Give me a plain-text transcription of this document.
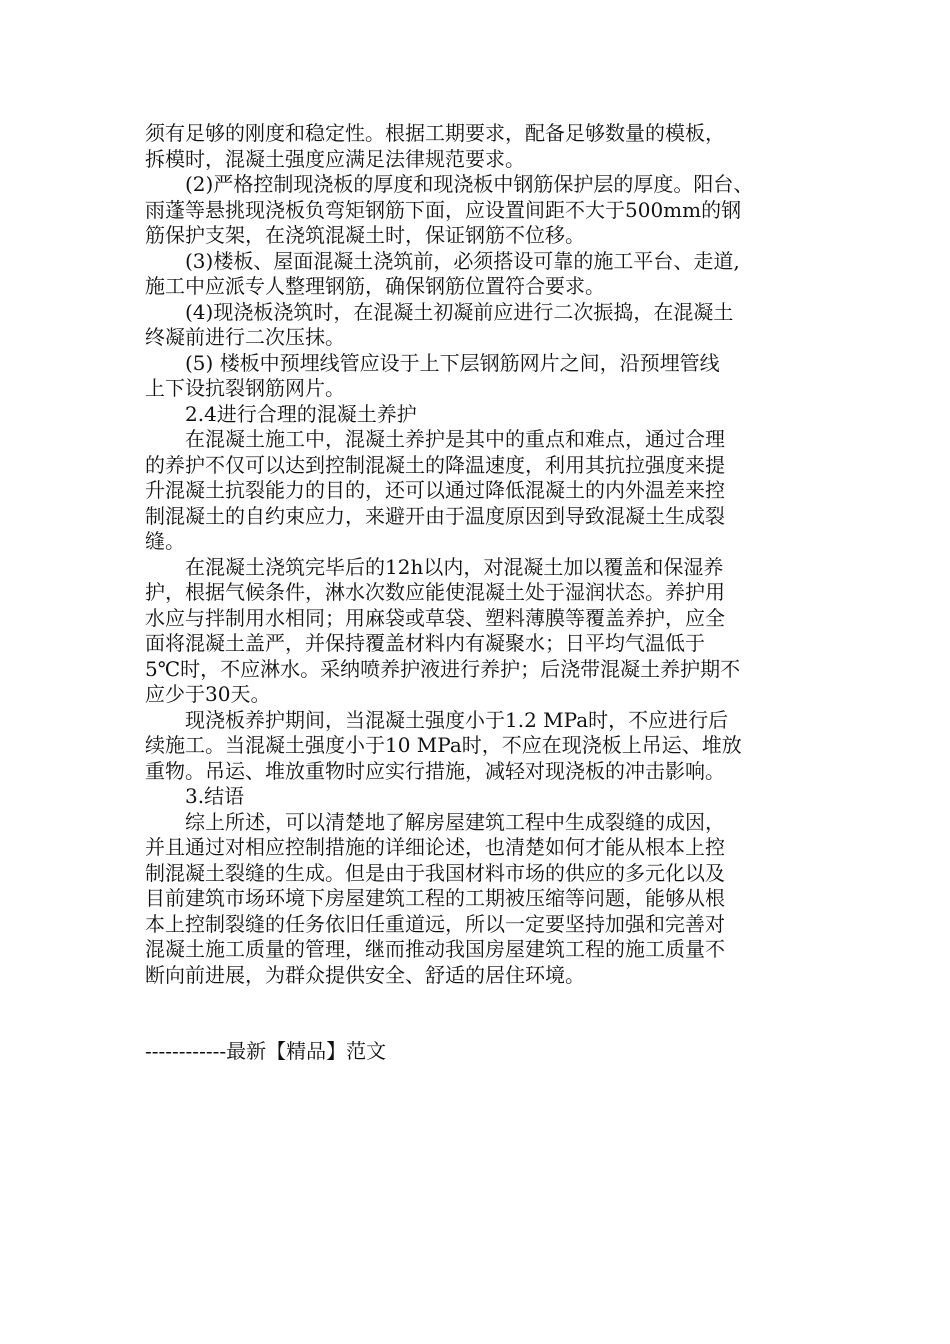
须有足够的刚度和稳定性。根据工期要求，配备足够数量的模板，
拆模时，混凝土强度应满足法律规范要求。
(2)严格控制现浇板的厚度和现浇板中钢筋保护层的厚度。阳台、
雨蓬等悬挑现浇板负弯矩钢筋下面，应设置间距不大于500mm的钢
筋保护支架，在浇筑混凝土时，保证钢筋不位移。
(3)楼板、屋面混凝土浇筑前，必须搭设可靠的施工平台、走道,
施工中应派专人整理钢筋，确保钢筋位置符合要求。
(4)现浇板浇筑时，在混凝土初凝前应进行二次振捣，在混凝土
终凝前进行二次压抹。
(5) 楼板中预埋线管应设于上下层钢筋网片之间，沿预埋管线
上下设抗裂钢筋网片。
2.4进行合理的混凝土养护
在混凝土施工中，混凝土养护是其中的重点和难点，通过合理
的养护不仅可以达到控制混凝土的降温速度，利用其抗拉强度来提
升混凝土抗裂能力的目的，还可以通过降低混凝土的内外温差来控
制混凝土的自约束应力，来避开由于温度原因到导致混凝土生成裂
缝。
在混凝土浇筑完毕后的12h以内，对混凝土加以覆盖和保湿养
护，根据气候条件，淋水次数应能使混凝土处于湿润状态。养护用
水应与拌制用水相同；用麻袋或草袋、塑料薄膜等覆盖养护，应全
面将混凝土盖严，并保持覆盖材料内有凝聚水；日平均气温低于
5℃时，不应淋水。采纳喷养护液进行养护；后浇带混凝土养护期不
应少于30天。
现浇板养护期间，当混凝土强度小于1.2 MPa时，不应进行后
续施工。当混凝土强度小于10 MPa时，不应在现浇板上吊运、堆放
重物。吊运、堆放重物时应实行措施，减轻对现浇板的冲击影响。
3.结语
综上所述，可以清楚地了解房屋建筑工程中生成裂缝的成因，
并且通过对相应控制措施的详细论述，也清楚如何才能从根本上控
制混凝土裂缝的生成。但是由于我国材料市场的供应的多元化以及
目前建筑市场环境下房屋建筑工程的工期被压缩等问题，能够从根
本上控制裂缝的任务依旧任重道远，所以一定要坚持加强和完善对
混凝土施工质量的管理，继而推动我国房屋建筑工程的施工质量不
断向前进展，为群众提供安全、舒适的居住环境。
------------最新【精品】范文
